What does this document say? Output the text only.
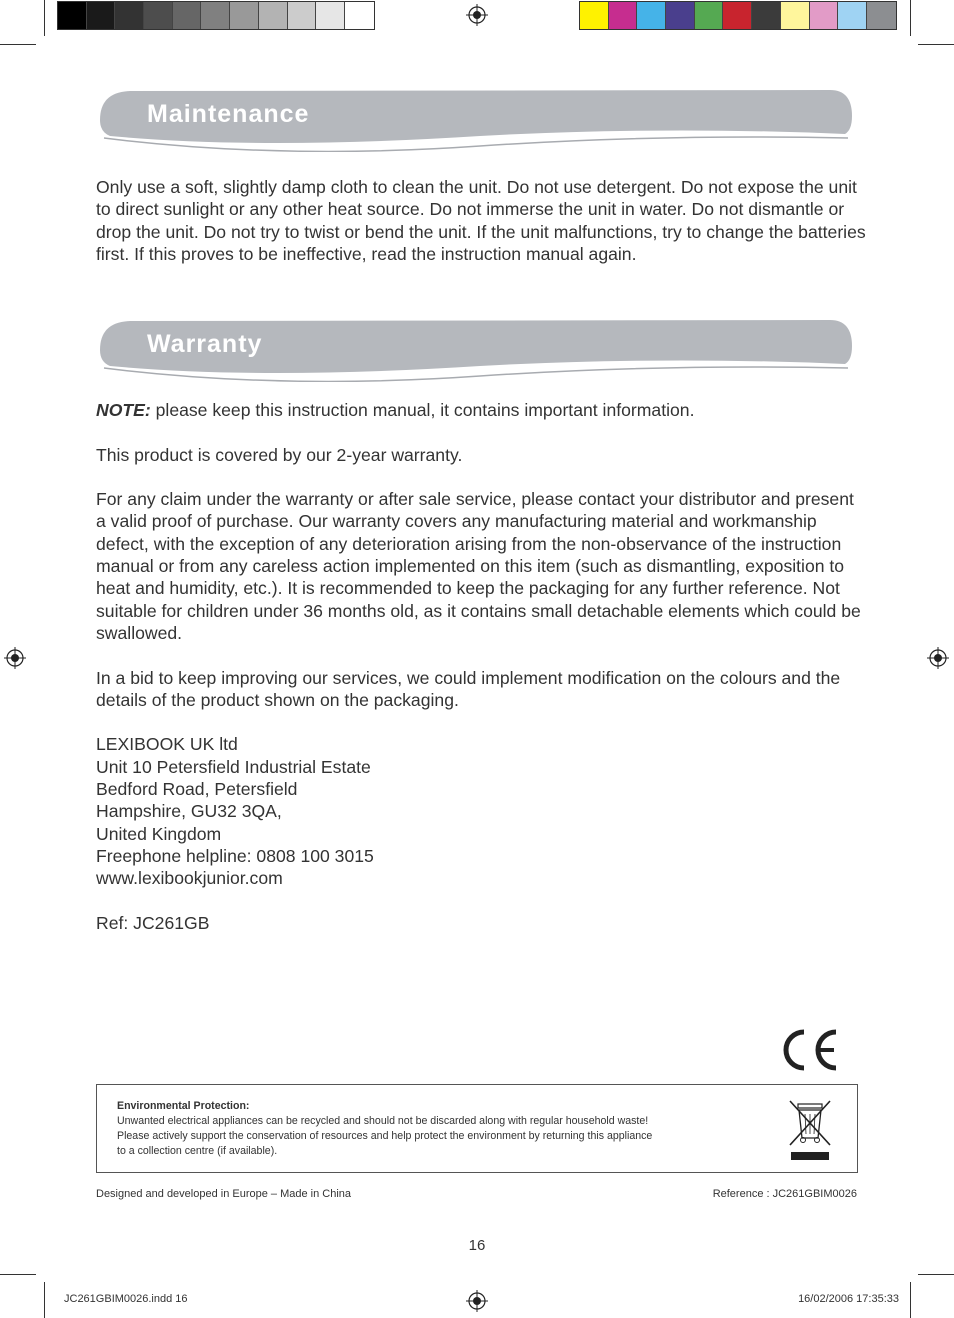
Maintenance

Only use a soft, slightly damp cloth to clean the unit. Do not use detergent. Do not expose the unit to direct sunlight or any other heat source. Do not immerse the unit in water. Do not dismantle or drop the unit. Do not try to twist or bend the unit. If the unit malfunctions, try to change the batteries first. If this proves to be ineffective, read the instruction manual again.

Warranty

NOTE: please keep this instruction manual, it contains important information.

This product is covered by our 2-year warranty.

For any claim under the warranty or after sale service, please contact your distributor and present a valid proof of purchase. Our warranty covers any manufacturing material and workmanship defect, with the exception of any deterioration arising from the non-observance of the instruction manual or from any careless action implemented on this item (such as dismantling, exposition to heat and humidity, etc.). It is recommended to keep the packaging for any further reference. Not suitable for children under 36 months old, as it contains small detachable elements which could be swallowed.

In a bid to keep improving our services, we could implement modification on the colours and the details of the product shown on the packaging.

LEXIBOOK UK ltd
Unit 10 Petersfield Industrial Estate
Bedford Road, Petersfield
Hampshire, GU32 3QA,
United Kingdom
Freephone helpline: 0808 100 3015
www.lexibookjunior.com

Ref: JC261GB

Environmental Protection:
Unwanted electrical appliances can be recycled and should not be discarded along with regular household waste!
Please actively support the conservation of resources and help protect the environment by returning this appliance
to a collection centre (if available).
Designed and developed in Europe – Made in China	Reference : JC261GBIM0026
16
JC261GBIM0026.indd 16	16/02/2006 17:35:33
